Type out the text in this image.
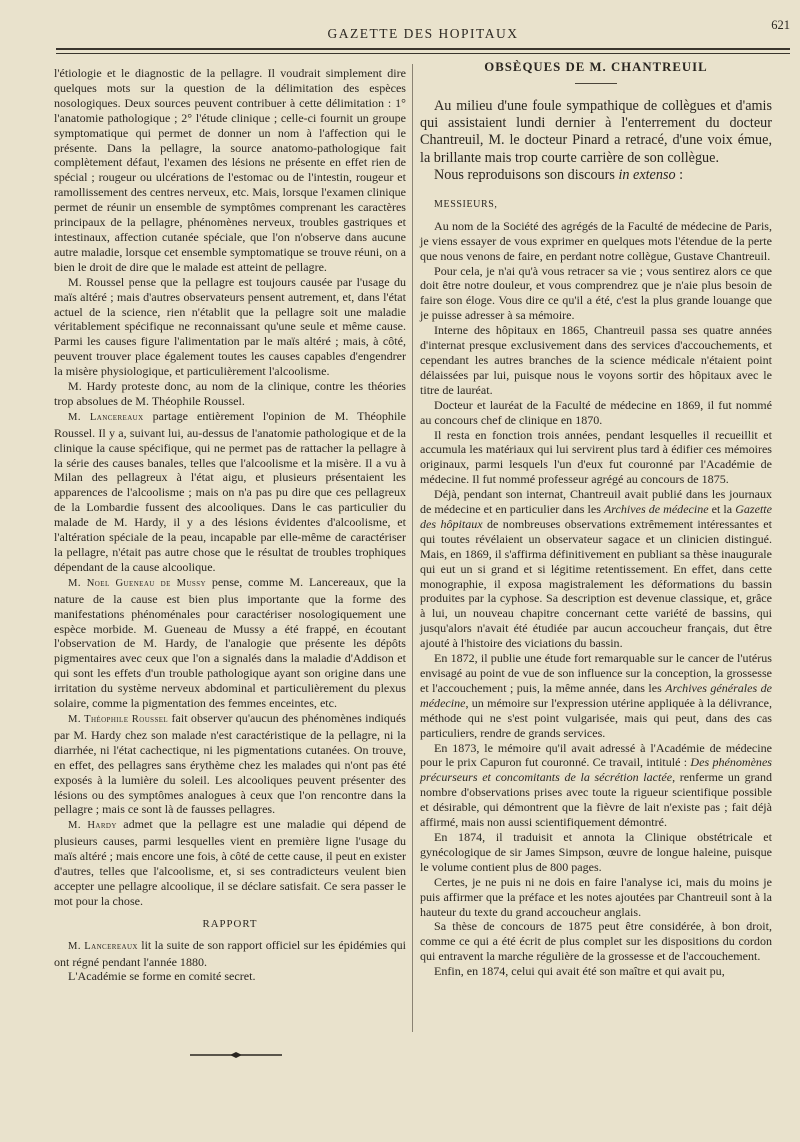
GAZETTE DES HOPITAUX
621

l'étiologie et le diagnostic de la pellagre. Il voudrait simplement dire quelques mots sur la question de la délimitation des espèces nosologiques. Deux sources peuvent contribuer à cette délimitation : 1° l'anatomie pathologique ; 2° l'étude clinique ; celle-ci fournit un groupe symptomatique qui permet de donner un nom à l'affection qui le présente. Dans la pellagre, la source anatomo-pathologique fait complètement défaut, l'examen des lésions ne présente en effet rien de spécial ; rougeur ou ulcérations de l'estomac ou de l'intestin, rougeur et ramollissement des centres nerveux, etc. Mais, lorsque l'examen clinique permet de réunir un ensemble de symptômes comprenant les caractères principaux de la pellagre, phénomènes nerveux, troubles gastriques et intestinaux, affection cutanée spéciale, que l'on n'observe dans aucune autre maladie, lorsque cet ensemble symptomatique se trouve réuni, on a bien le droit de dire que le malade est atteint de pellagre.

M. Roussel pense que la pellagre est toujours causée par l'usage du maïs altéré ; mais d'autres observateurs pensent autrement, et, dans l'état actuel de la science, rien n'établit que la pellagre soit une maladie véritablement spécifique ne reconnaissant qu'une seule et même cause. Parmi les causes figure l'alimentation par le maïs altéré ; mais, à côté, peuvent trouver place également toutes les causes capables d'engendrer la misère physiologique, et particulièrement l'alcoolisme.

M. Hardy proteste donc, au nom de la clinique, contre les théories trop absolues de M. Théophile Roussel.

M. Lancereaux partage entièrement l'opinion de M. Théophile Roussel. Il y a, suivant lui, au-dessus de l'anatomie pathologique et de la clinique la cause spécifique, qui ne permet pas de rattacher la pellagre à la série des causes banales, telles que l'alcoolisme et la misère. Il a vu à Milan des pellagreux à l'état aigu, et plusieurs présentaient les apparences de l'alcoolisme ; mais on n'a pas pu dire que ces pellagreux de la Lombardie fussent des alcooliques. Dans le cas particulier du malade de M. Hardy, il y a des lésions évidentes d'alcoolisme, et l'altération spéciale de la peau, incapable par elle-même de caractériser la pellagre, n'était pas autre chose que le résultat de troubles trophiques dépendant de la cause alcoolique.

M. Noel Gueneau de Mussy pense, comme M. Lancereaux, que la nature de la cause est bien plus importante que la forme des manifestations phénoménales pour caractériser nosologiquement une espèce morbide. M. Gueneau de Mussy a été frappé, en écoutant l'observation de M. Hardy, de l'analogie que présente les dépôts pigmentaires avec ceux que l'on a signalés dans la maladie d'Addison et qui sont les effets d'un trouble pathologique ayant son origine dans une irritation du système nerveux abdominal et particulièrement du plexus solaire, comme la pigmentation des femmes enceintes, etc.

M. Théophile Roussel fait observer qu'aucun des phénomènes indiqués par M. Hardy chez son malade n'est caractéristique de la pellagre, ni la diarrhée, ni l'état cachectique, ni les pigmentations cutanées. On trouve, en effet, des pellagres sans érythème chez les malades qui n'ont pas été exposés à la lumière du soleil. Les alcooliques peuvent présenter des lésions ou des symptômes analogues à ceux que l'on rencontre dans la pellagre ; mais ce sont là de fausses pellagres.

M. Hardy admet que la pellagre est une maladie qui dépend de plusieurs causes, parmi lesquelles vient en première ligne l'usage du maïs altéré ; mais encore une fois, à côté de cette cause, il peut en exister d'autres, telles que l'alcoolisme, et, si ses contradicteurs veulent bien accepter une pellagre alcoolique, il se déclare satisfait. Ce sera passer le mot pour la chose.

RAPPORT

M. Lancereaux lit la suite de son rapport officiel sur les épidémies qui ont régné pendant l'année 1880.

L'Académie se forme en comité secret.

OBSÈQUES DE M. CHANTREUIL

Au milieu d'une foule sympathique de collègues et d'amis qui assistaient lundi dernier à l'enterrement du docteur Chantreuil, M. le docteur Pinard a retracé, d'une voix émue, la brillante mais trop courte carrière de son collègue.

Nous reproduisons son discours in extenso :

MESSIEURS,

Au nom de la Société des agrégés de la Faculté de médecine de Paris, je viens essayer de vous exprimer en quelques mots l'étendue de la perte que nous venons de faire, en perdant notre collègue, Gustave Chantreuil.

Pour cela, je n'ai qu'à vous retracer sa vie ; vous sentirez alors ce que doit être notre douleur, et vous comprendrez que je n'aie plus besoin de faire son éloge. Vous dire ce qu'il a été, c'est la plus grande louange que je puisse adresser à sa mémoire.

Interne des hôpitaux en 1865, Chantreuil passa ses quatre années d'internat presque exclusivement dans des services d'accouchements, et cependant les autres branches de la science médicale n'étaient point délaissées par lui, puisque nous le voyons sortir des hôpitaux avec le titre de lauréat.

Docteur et lauréat de la Faculté de médecine en 1869, il fut nommé au concours chef de clinique en 1870.

Il resta en fonction trois années, pendant lesquelles il recueillit et accumula les matériaux qui lui servirent plus tard à édifier ces mémoires originaux, parmi lesquels l'un d'eux fut couronné par l'Académie de médecine. Il fut nommé professeur agrégé au concours de 1875.

Déjà, pendant son internat, Chantreuil avait publié dans les journaux de médecine et en particulier dans les Archives de médecine et la Gazette des hôpitaux de nombreuses observations extrêmement intéressantes et qui toutes révélaient un observateur sagace et un clinicien distingué. Mais, en 1869, il s'affirma définitivement en publiant sa thèse inaugurale qui eut un si grand et si légitime retentissement. En effet, dans cette monographie, il exposa magistralement les déformations du bassin produites par la cyphose. Sa description est devenue classique, et, grâce à lui, un nouveau chapitre concernant cette variété de bassins, qui jusqu'alors n'avait été étudiée par aucun accoucheur français, dut être ajouté à l'histoire des viciations du bassin.

En 1872, il publie une étude fort remarquable sur le cancer de l'utérus envisagé au point de vue de son influence sur la conception, la grossesse et l'accouchement ; puis, la même année, dans les Archives générales de médecine, un mémoire sur l'expression utérine appliquée à la délivrance, méthode qui ne s'est point vulgarisée, mais qui peut, dans des cas particuliers, rendre de grands services.

En 1873, le mémoire qu'il avait adressé à l'Académie de médecine pour le prix Capuron fut couronné. Ce travail, intitulé : Des phénomènes précurseurs et concomitants de la sécrétion lactée, renferme un grand nombre d'observations prises avec toute la rigueur scientifique possible et désirable, qui démontrent que la fièvre de lait n'existe pas ; fait déjà affirmé, mais non aussi scientifiquement démontré.

En 1874, il traduisit et annota la Clinique obstétricale et gynécologique de sir James Simpson, œuvre de longue haleine, puisque le volume contient plus de 800 pages.

Certes, je ne puis ni ne dois en faire l'analyse ici, mais du moins je puis affirmer que la préface et les notes ajoutées par Chantreuil sont à la hauteur du texte du grand accoucheur anglais.

Sa thèse de concours de 1875 peut être considérée, à bon droit, comme ce qui a été écrit de plus complet sur les dispositions du cordon qui entravent la marche régulière de la grossesse et de l'accouchement.

Enfin, en 1874, celui qui avait été son maître et qui avait pu,
